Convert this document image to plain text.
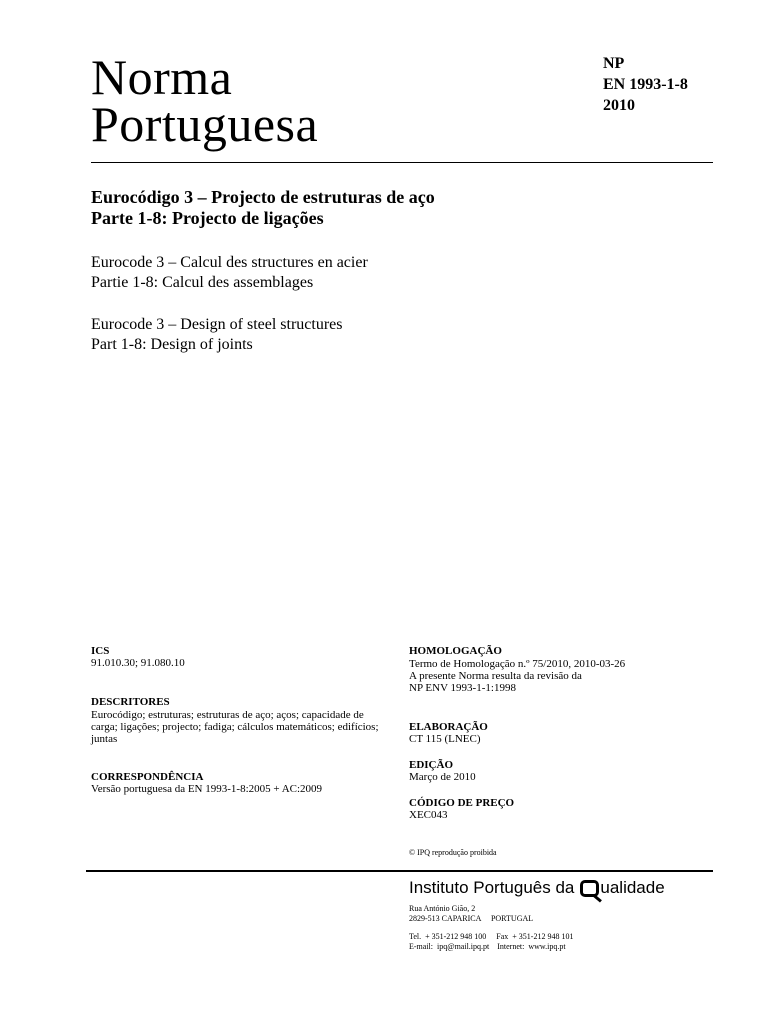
Norma
Portuguesa
NP
EN 1993-1-8
2010
Eurocódigo 3 – Projecto de estruturas de aço
Parte 1-8: Projecto de ligações
Eurocode 3 – Calcul des structures en acier
Partie 1-8: Calcul des assemblages
Eurocode 3 – Design of steel structures
Part 1-8: Design of joints
ICS
91.010.30; 91.080.10
DESCRITORES
Eurocódigo; estruturas; estruturas de aço; aços; capacidade de
carga; ligações; projecto; fadiga; cálculos matemáticos; edifícios;
juntas
CORRESPONDÊNCIA
Versão portuguesa da EN 1993-1-8:2005 + AC:2009
HOMOLOGAÇÃO
Termo de Homologação n.º 75/2010, 2010-03-26
A presente Norma resulta da revisão da
NP ENV 1993-1-1:1998
ELABORAÇÃO
CT 115 (LNEC)
EDIÇÃO
Março de 2010
CÓDIGO DE PREÇO
XEC043
© IPQ reprodução proibida
Instituto Português da ualidade
Rua António Gião, 2
2829-513 CAPARICA     PORTUGAL
Tel.  + 351-212 948 100     Fax  + 351-212 948 101
E-mail:  ipq@mail.ipq.pt    Internet:  www.ipq.pt
